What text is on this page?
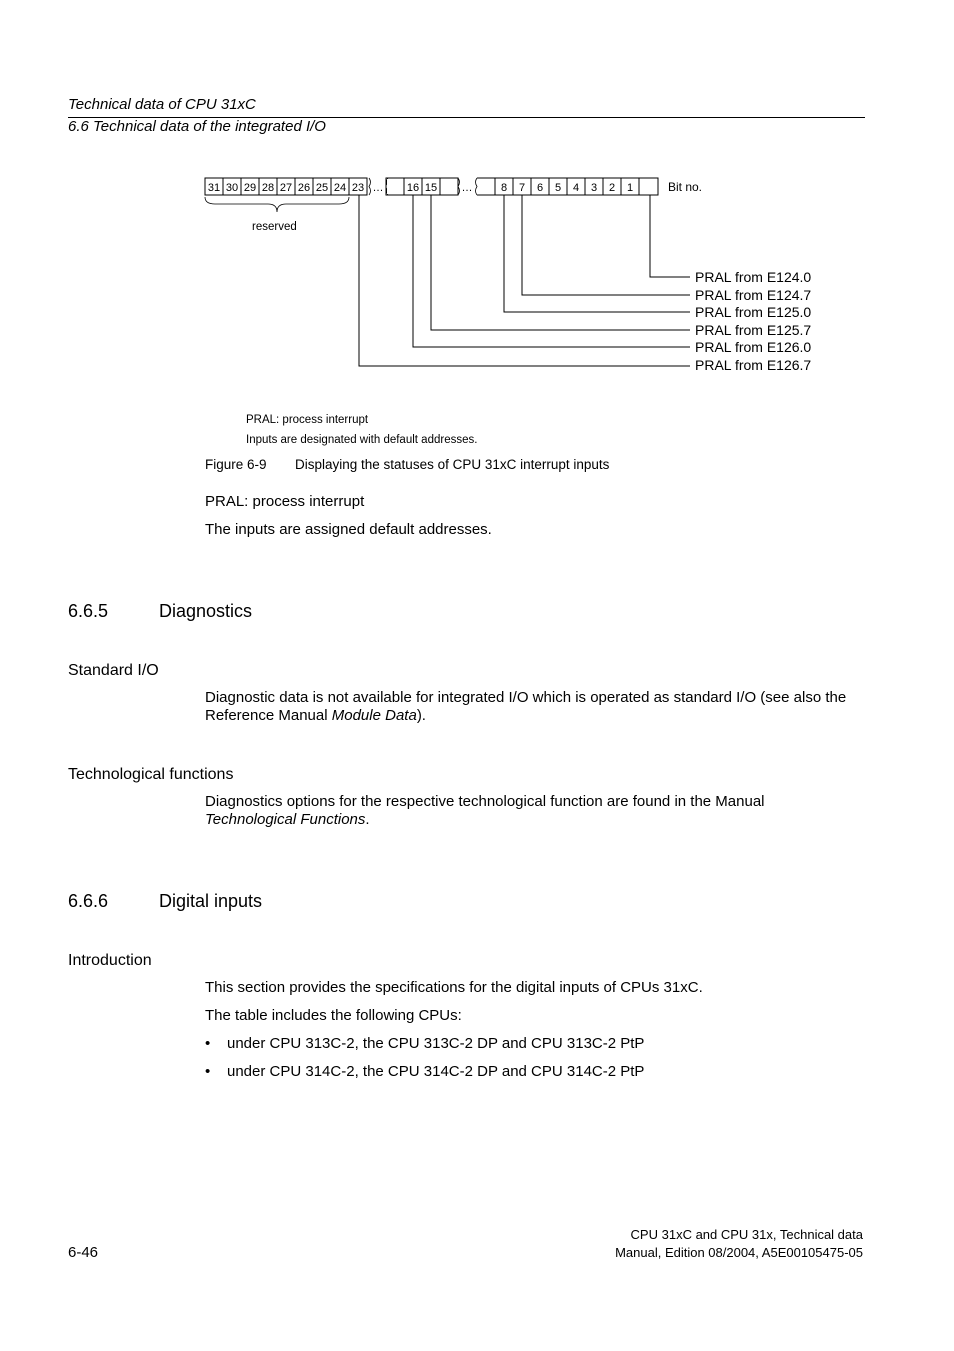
Technical data of CPU 31xC
6.6 Technical data of the integrated I/O
31 30 29 28 27 26 25 24 23 … 16 15 …	8 7 6 5 4 3 2 1	Bit no.
reserved
PRAL from E124.0
PRAL from E124.7
PRAL from E125.0
PRAL from E125.7
PRAL from E126.0
PRAL from E126.7
PRAL: process interrupt
Inputs are designated with default addresses.
Figure 6-9 Displaying the statuses of CPU 31xC interrupt inputs
PRAL: process interrupt
The inputs are assigned default addresses.
6.6.5	Diagnostics
Standard I/O
Diagnostic data is not available for integrated I/O which is operated as standard I/O (see also the Reference Manual Module Data).
Technological functions
Diagnostics options for the respective technological function are found in the Manual Technological Functions.
6.6.6	Digital inputs
Introduction
This section provides the specifications for the digital inputs of CPUs 31xC.
The table includes the following CPUs:
• under CPU 313C-2, the CPU 313C-2 DP and CPU 313C-2 PtP
• under CPU 314C-2, the CPU 314C-2 DP and CPU 314C-2 PtP
CPU 31xC and CPU 31x, Technical data
6-46	Manual, Edition 08/2004, A5E00105475-05
